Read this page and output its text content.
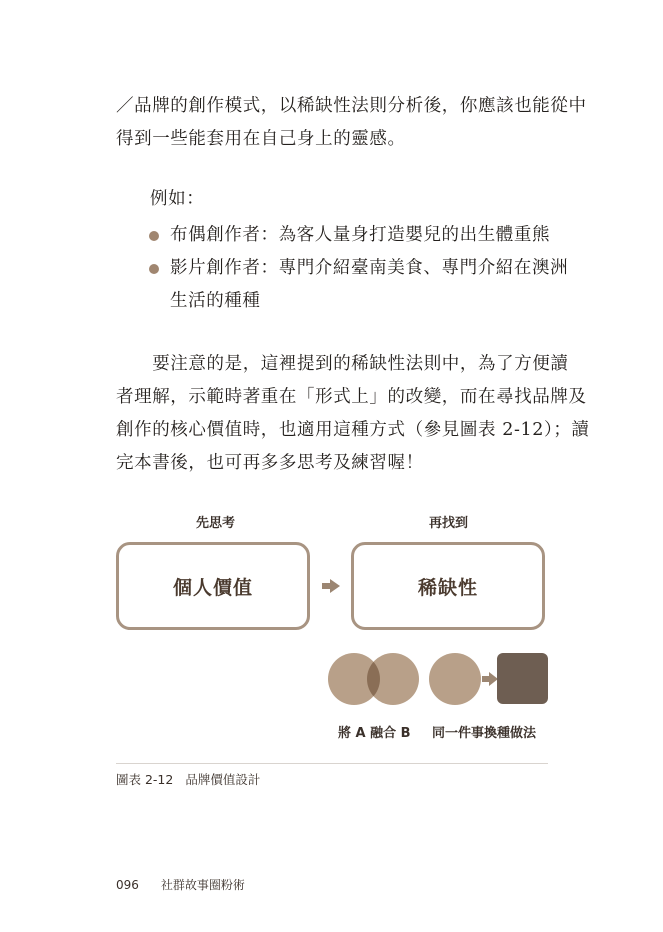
／品牌的創作模式，以稀缺性法則分析後，你應該也能從中
得到一些能套用在自己身上的靈感。
例如：
布偶創作者：為客人量身打造嬰兒的出生體重熊
影片創作者：專門介紹臺南美食、專門介紹在澳洲
生活的種種
　　要注意的是，這裡提到的稀缺性法則中，為了方便讀
者理解，示範時著重在「形式上」的改變，而在尋找品牌及
創作的核心價值時，也適用這種方式（參見圖表 2-12）；讀
完本書後，也可再多多思考及練習喔！
先思考	再找到
個人價值	稀缺性
將 A 融合 B 同一件事換種做法
圖表 2-12 品牌價值設計
096 社群故事圈粉術
